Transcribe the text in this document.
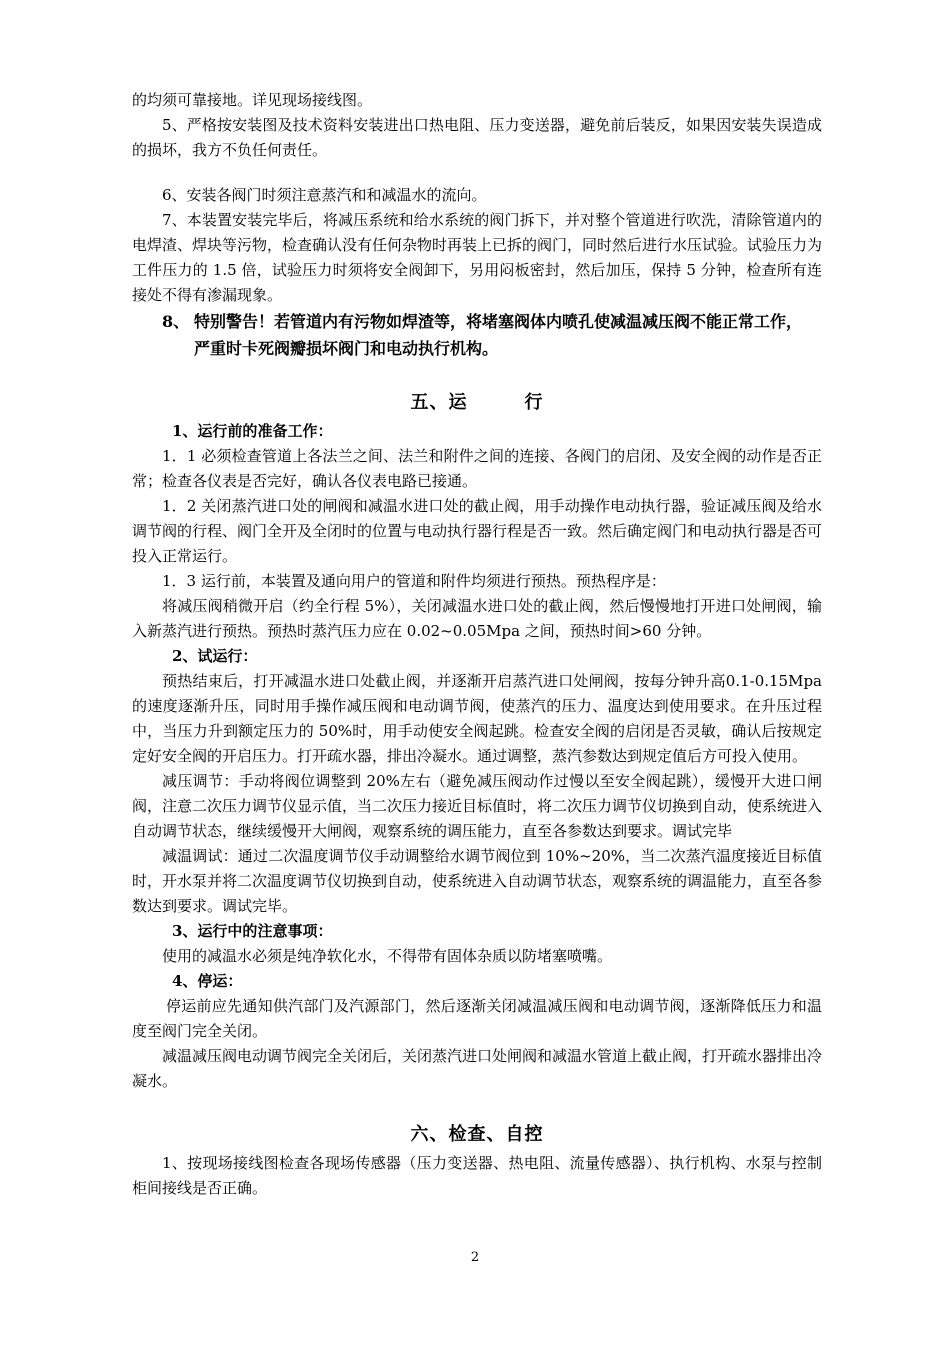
的均须可靠接地。详见现场接线图。

5、严格按安装图及技术资料安装进出口热电阻、压力变送器，避免前后装反，如果因安装失误造成的损坏，我方不负任何责任。

6、安装各阀门时须注意蒸汽和和减温水的流向。

7、本装置安装完毕后，将减压系统和给水系统的阀门拆下，并对整个管道进行吹洗，清除管道内的电焊渣、焊块等污物，检查确认没有任何杂物时再装上已拆的阀门，同时然后进行水压试验。试验压力为工件压力的 1.5 倍，试验压力时须将安全阀卸下，另用闷板密封，然后加压，保持 5 分钟，检查所有连接处不得有渗漏现象。

8、 特别警告！若管道内有污物如焊渣等，将堵塞阀体内喷孔使减温减压阀不能正常工作，
严重时卡死阀瓣损坏阀门和电动执行机构。
五、运　　　行
1、运行前的准备工作：

1．1 必须检查管道上各法兰之间、法兰和附件之间的连接、各阀门的启闭、及安全阀的动作是否正常；检查各仪表是否完好，确认各仪表电路已接通。

1．2 关闭蒸汽进口处的闸阀和减温水进口处的截止阀，用手动操作电动执行器，验证减压阀及给水调节阀的行程、阀门全开及全闭时的位置与电动执行器行程是否一致。然后确定阀门和电动执行器是否可投入正常运行。

1．3 运行前，本装置及通向用户的管道和附件均须进行预热。预热程序是：

将减压阀稍微开启（约全行程 5%），关闭减温水进口处的截止阀，然后慢慢地打开进口处闸阀，输入新蒸汽进行预热。预热时蒸汽压力应在 0.02~0.05Mpa 之间，预热时间>60 分钟。

2、试运行：

预热结束后，打开减温水进口处截止阀，并逐渐开启蒸汽进口处闸阀，按每分钟升高0.1-0.15Mpa 的速度逐渐升压，同时用手操作减压阀和电动调节阀，使蒸汽的压力、温度达到使用要求。在升压过程中，当压力升到额定压力的 50%时，用手动使安全阀起跳。检查安全阀的启闭是否灵敏，确认后按规定定好安全阀的开启压力。打开疏水器，排出冷凝水。通过调整，蒸汽参数达到规定值后方可投入使用。

减压调节：手动将阀位调整到 20%左右（避免减压阀动作过慢以至安全阀起跳），缓慢开大进口闸阀，注意二次压力调节仪显示值，当二次压力接近目标值时，将二次压力调节仪切换到自动，使系统进入自动调节状态，继续缓慢开大闸阀，观察系统的调压能力，直至各参数达到要求。调试完毕

减温调试：通过二次温度调节仪手动调整给水调节阀位到 10%~20%，当二次蒸汽温度接近目标值时，开水泵并将二次温度调节仪切换到自动，使系统进入自动调节状态，观察系统的调温能力，直至各参数达到要求。调试完毕。

3、运行中的注意事项：

使用的减温水必须是纯净软化水，不得带有固体杂质以防堵塞喷嘴。

4、停运：

停运前应先通知供汽部门及汽源部门，然后逐渐关闭减温减压阀和电动调节阀，逐渐降低压力和温度至阀门完全关闭。

减温减压阀电动调节阀完全关闭后，关闭蒸汽进口处闸阀和减温水管道上截止阀，打开疏水器排出冷凝水。

六、检查、自控

1、按现场接线图检查各现场传感器（压力变送器、热电阻、流量传感器）、执行机构、水泵与控制柜间接线是否正确。

2
